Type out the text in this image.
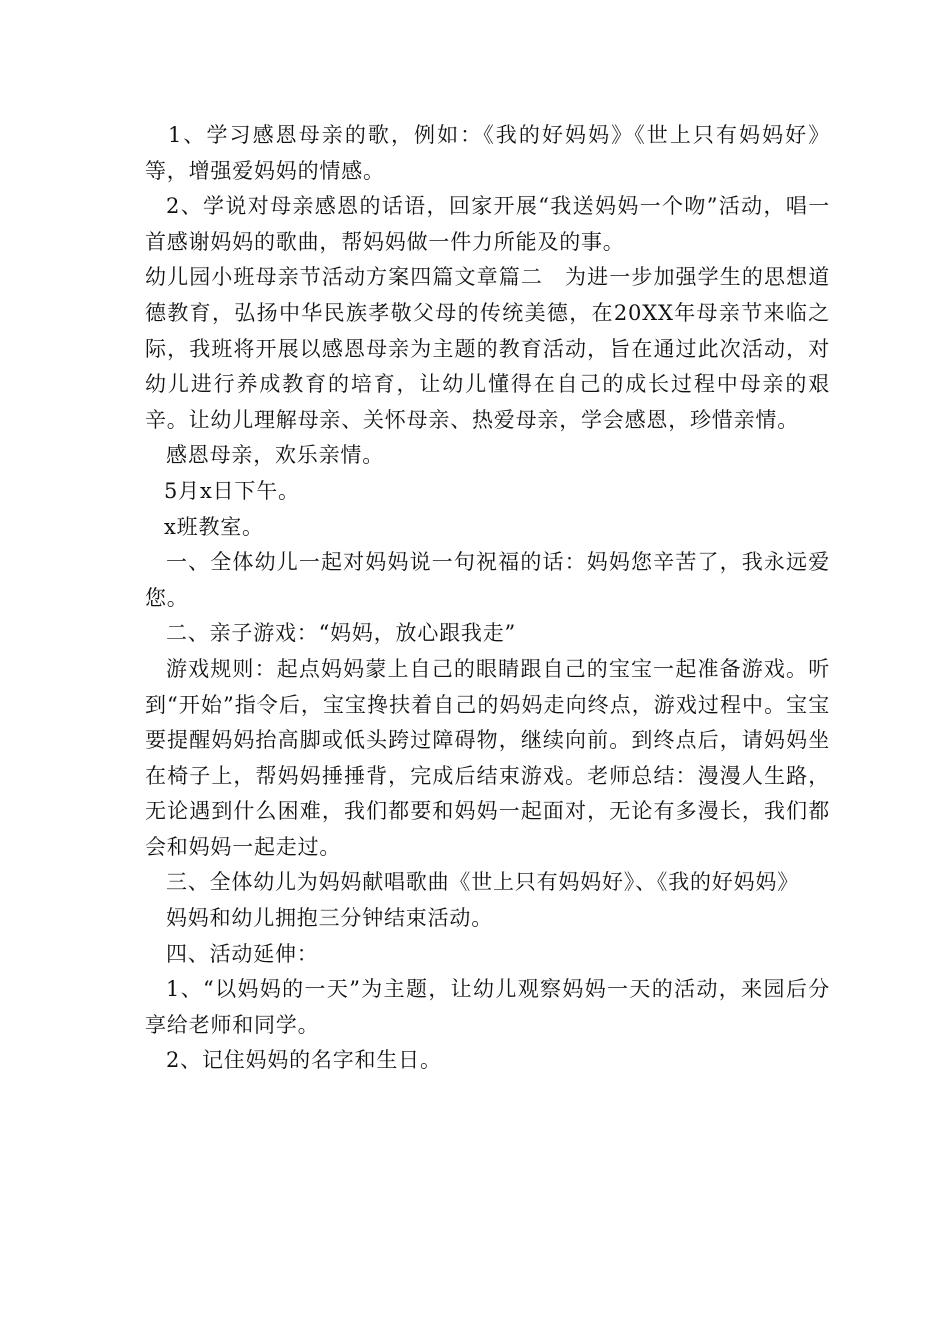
1、学习感恩母亲的歌，例如：《我的好妈妈》《世上只有妈妈好》等，增强爱妈妈的情感。

2、学说对母亲感恩的话语，回家开展“我送妈妈一个吻”活动，唱一首感谢妈妈的歌曲，帮妈妈做一件力所能及的事。

幼儿园小班母亲节活动方案四篇文章篇二　为进一步加强学生的思想道德教育，弘扬中华民族孝敬父母的传统美德，在20XX年母亲节来临之际，我班将开展以感恩母亲为主题的教育活动，旨在通过此次活动，对幼儿进行养成教育的培育，让幼儿懂得在自己的成长过程中母亲的艰辛。让幼儿理解母亲、关怀母亲、热爱母亲，学会感恩，珍惜亲情。

感恩母亲，欢乐亲情。

5月x日下午。

x班教室。

一、全体幼儿一起对妈妈说一句祝福的话：妈妈您辛苦了，我永远爱您。

二、亲子游戏：“妈妈，放心跟我走”

游戏规则：起点妈妈蒙上自己的眼睛跟自己的宝宝一起准备游戏。听到“开始”指令后，宝宝搀扶着自己的妈妈走向终点，游戏过程中。宝宝要提醒妈妈抬高脚或低头跨过障碍物，继续向前。到终点后，请妈妈坐在椅子上，帮妈妈捶捶背，完成后结束游戏。老师总结：漫漫人生路，无论遇到什么困难，我们都要和妈妈一起面对，无论有多漫长，我们都会和妈妈一起走过。

三、全体幼儿为妈妈献唱歌曲《世上只有妈妈好》、《我的好妈妈》

妈妈和幼儿拥抱三分钟结束活动。

四、活动延伸：

1、“以妈妈的一天”为主题，让幼儿观察妈妈一天的活动，来园后分享给老师和同学。

2、记住妈妈的名字和生日。
